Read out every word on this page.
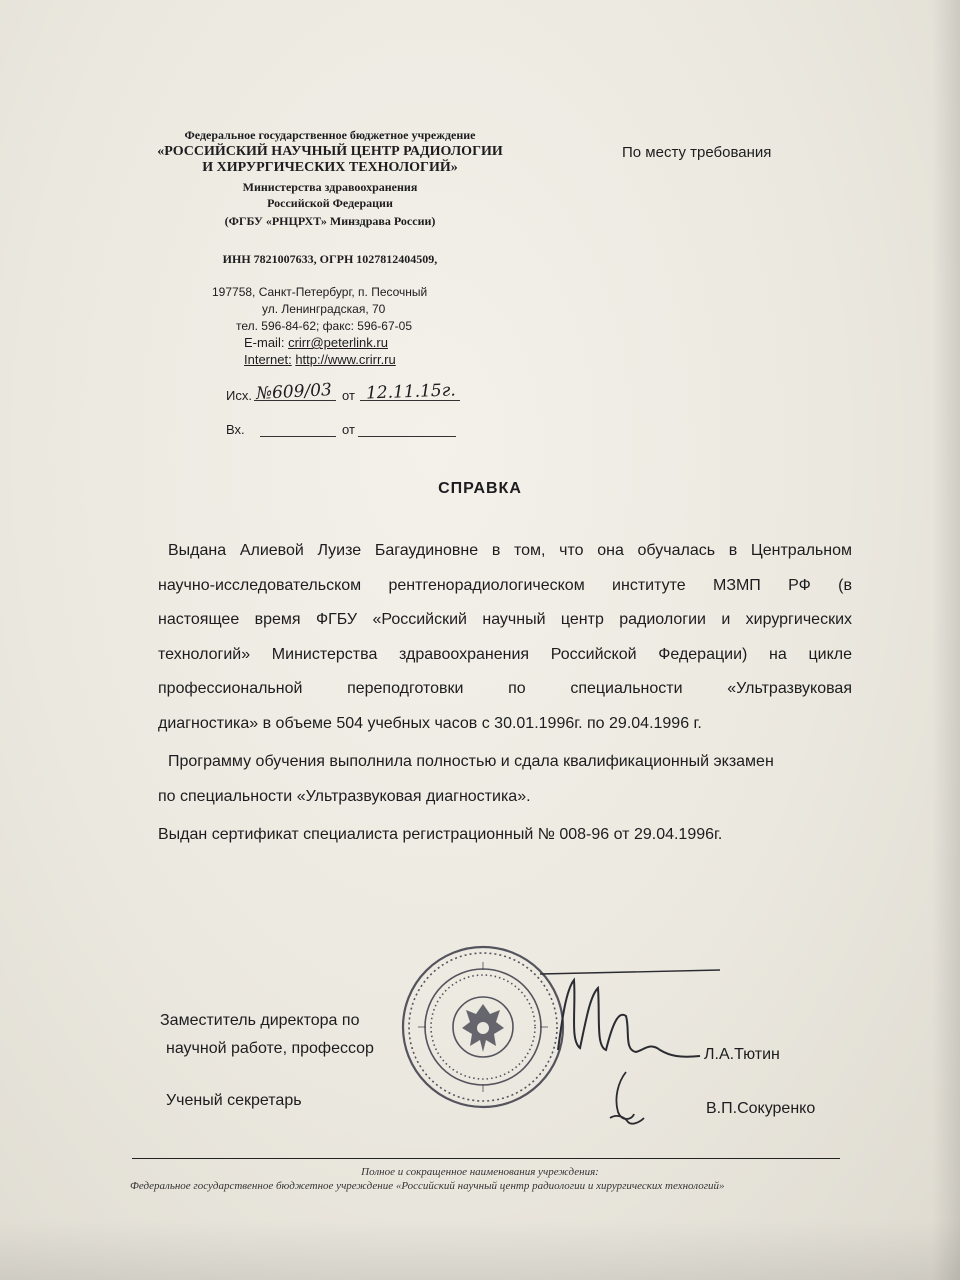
Федеральное государственное бюджетное учреждение
«РОССИЙСКИЙ НАУЧНЫЙ ЦЕНТР РАДИОЛОГИИ
И ХИРУРГИЧЕСКИХ ТЕХНОЛОГИЙ»
Министерства здравоохранения
Российской Федерации
(ФГБУ «РНЦРХТ» Минздрава России)
ИНН 7821007633, ОГРН 1027812404509,
197758, Санкт-Петербург, п. Песочный
ул. Ленинградская, 70
тел. 596-84-62; факс: 596-67-05
E-mail: crirr@peterlink.ru
Internet: http://www.crirr.ru
По месту требования
Исх. №609/03 от 12.11.15г.
Вх.	от
СПРАВКА

Выдана Алиевой Луизе Багаудиновне в том, что она обучалась в Центральном

научно-исследовательском рентгенорадиологическом институте МЗМП РФ (в

настоящее время ФГБУ «Российский научный центр радиологии и хирургических

технологий» Министерства здравоохранения Российской Федерации) на цикле

профессиональной переподготовки по специальности «Ультразвуковая

диагностика» в объеме 504 учебных часов с 30.01.1996г. по 29.04.1996 г.

Программу обучения выполнила полностью и сдала квалификационный экзамен

по специальности «Ультразвуковая диагностика».

Выдан сертификат специалиста регистрационный № 008-96 от 29.04.1996г.

Заместитель директора по
научной работе, профессор	Л.А.Тютин
Ученый секретарь	В.П.Сокуренко
Полное и сокращенное наименования учреждения:
Федеральное государственное бюджетное учреждение «Российский научный центр радиологии и хирургических технологий»
